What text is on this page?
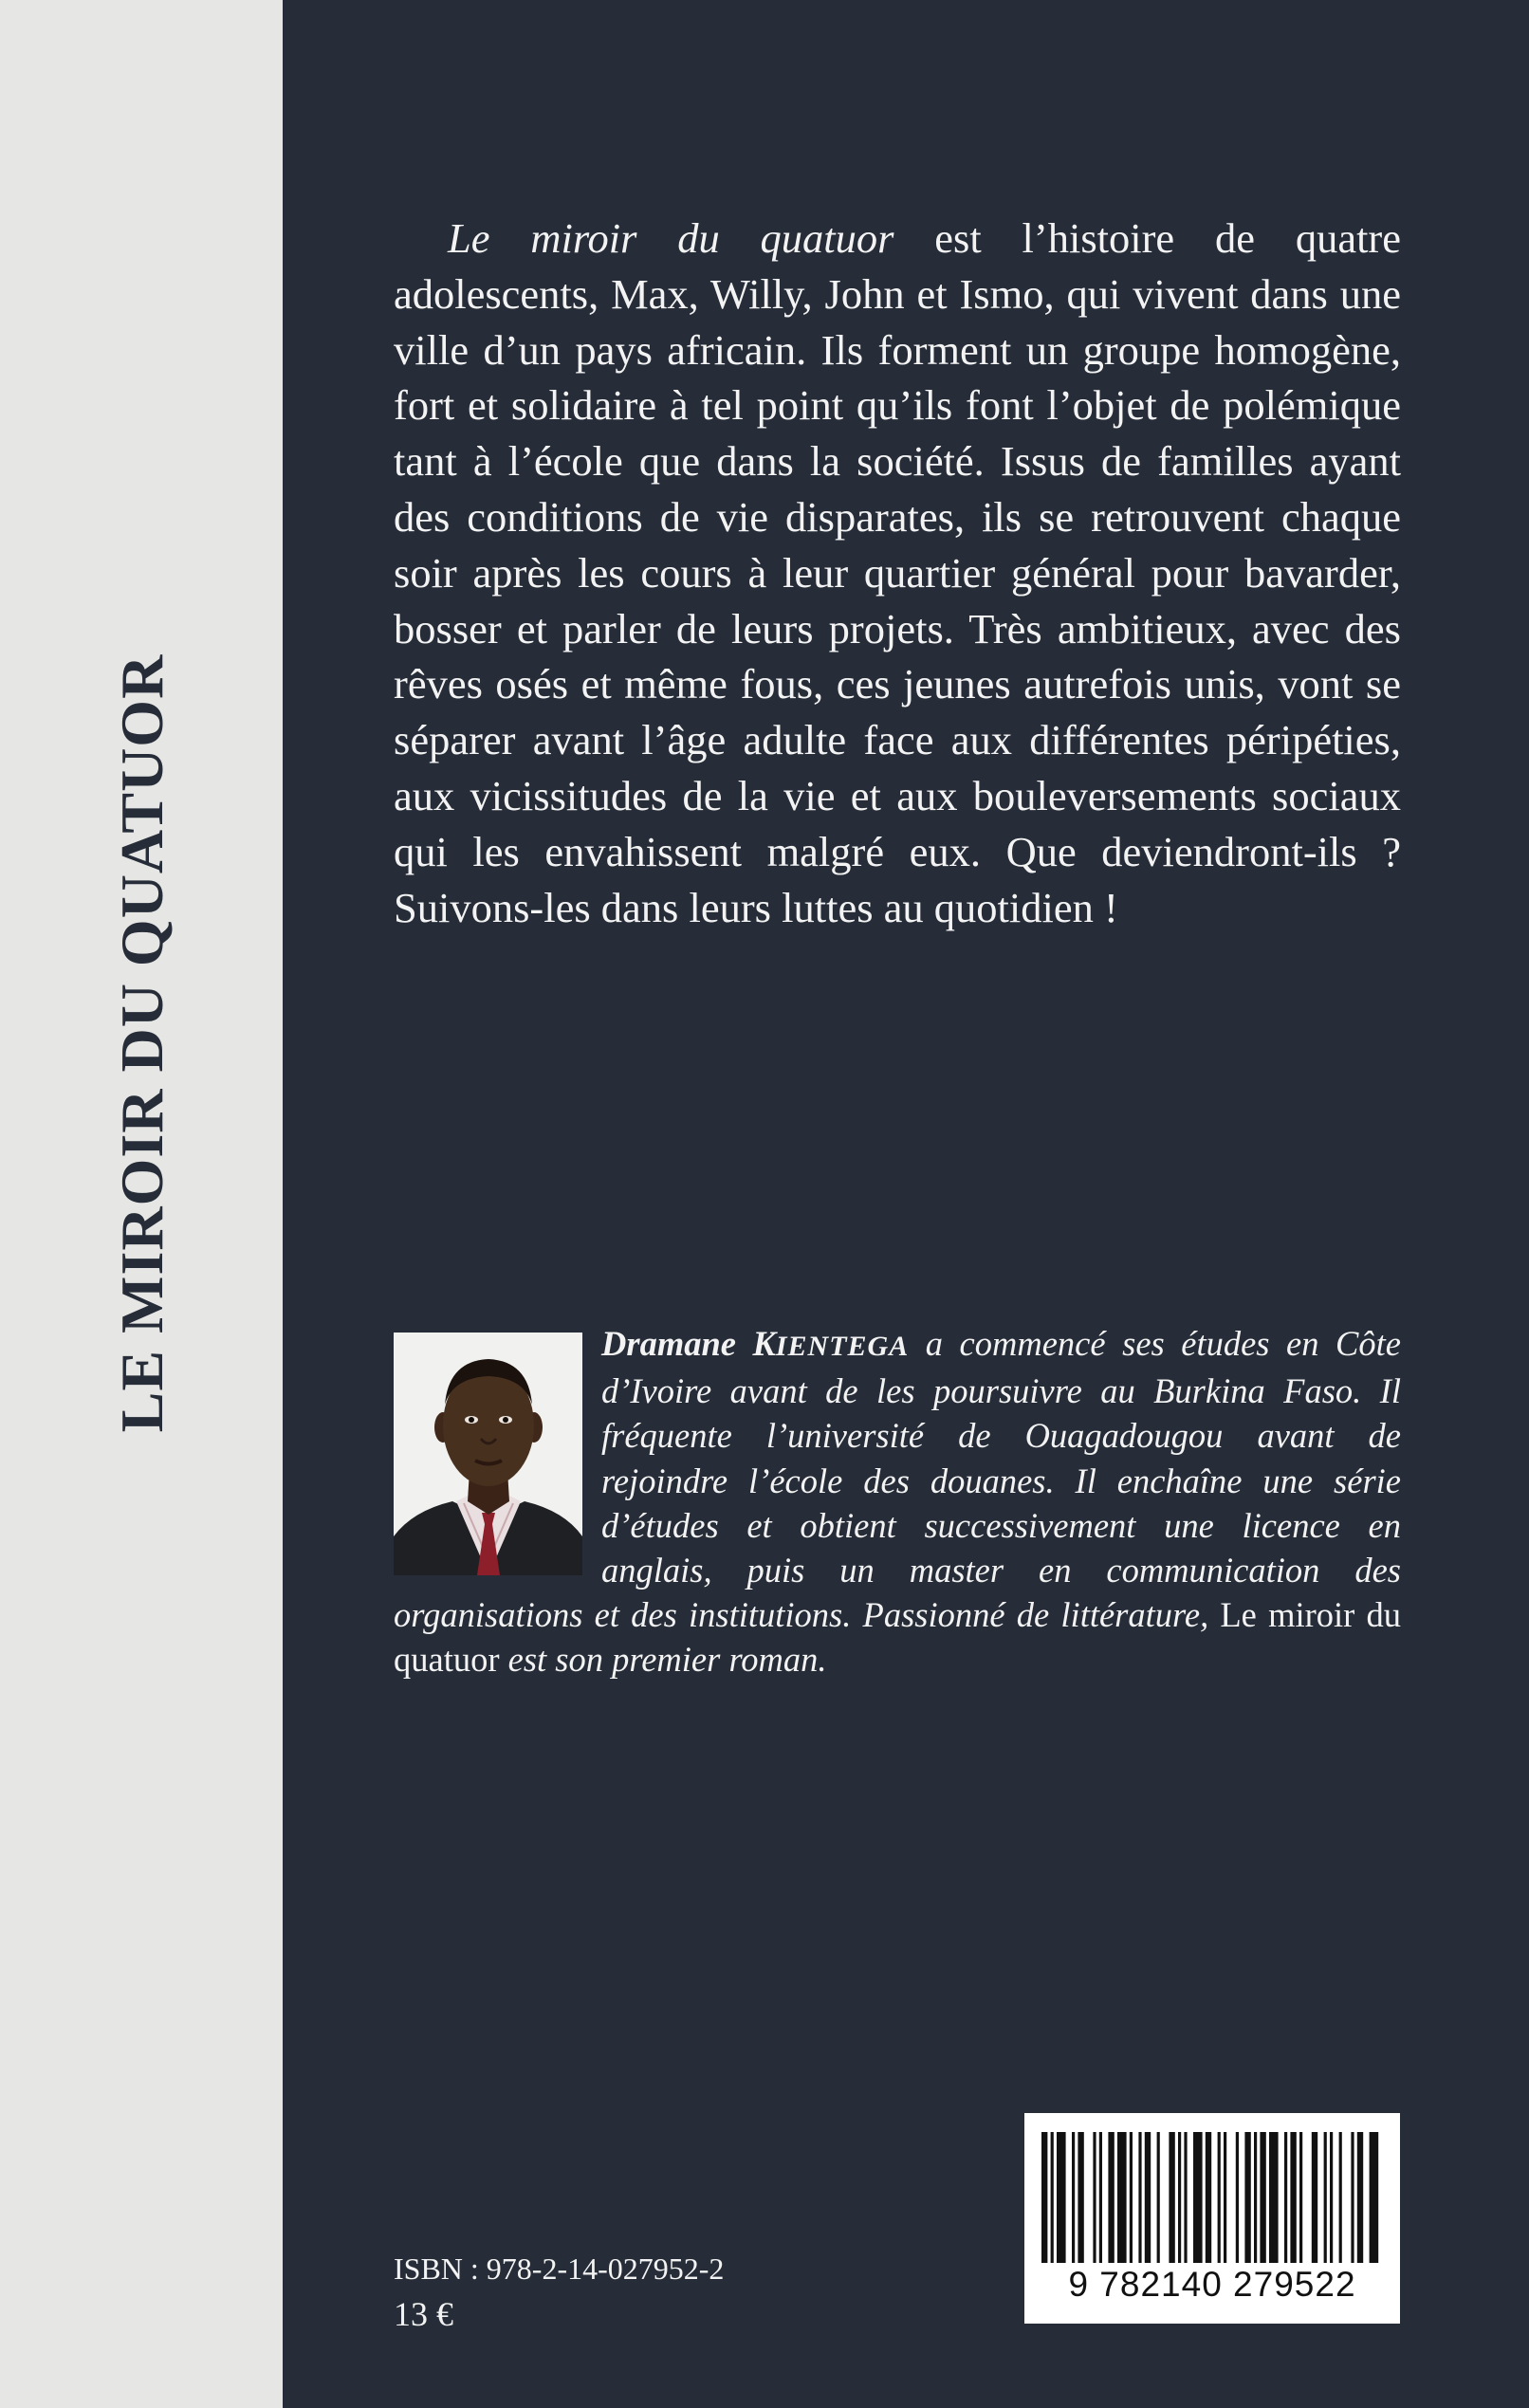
LE MIROIR DU QUATUOR

Le miroir du quatuor est l’histoire de quatre adolescents, Max, Willy, John et Ismo, qui vivent dans une ville d’un pays africain. Ils forment un groupe homogène, fort et solidaire à tel point qu’ils font l’objet de polémique tant à l’école que dans la société. Issus de familles ayant des conditions de vie disparates, ils se retrouvent chaque soir après les cours à leur quartier général pour bavarder, bosser et parler de leurs projets. Très ambitieux, avec des rêves osés et même fous, ces jeunes autrefois unis, vont se séparer avant l’âge adulte face aux différentes péripéties, aux vicissitudes de la vie et aux bouleversements sociaux qui les envahissent malgré eux. Que deviendront-ils ? Suivons-les dans leurs luttes au quotidien !

Dramane KIENTEGA a commencé ses études en Côte d’Ivoire avant de les poursuivre au Burkina Faso. Il fréquente l’université de Ouagadougou avant de rejoindre l’école des douanes. Il enchaîne une série d’études et obtient successivement une licence en anglais, puis un master en communication des organisations et des institutions. Passionné de littérature, Le miroir du quatuor est son premier roman.

ISBN : 978-2-14-027952-2
13 €
9 782140 279522
